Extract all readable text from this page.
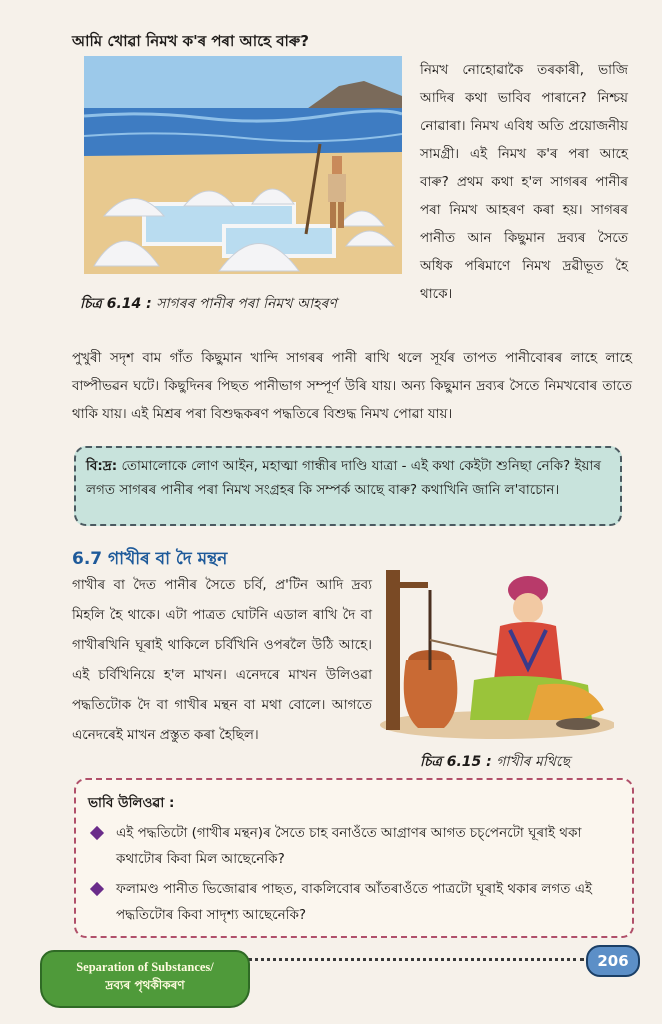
আমি খোৱা নিমখ ক'ৰ পৰা আহে বাৰু?
চিত্ৰ 6.14 : সাগৰৰ পানীৰ পৰা নিমখ আহৰণ
নিমখ নোহোৱাকৈ তৰকাৰী, ভাজি আদিৰ কথা ভাবিব পাৰানে? নিশ্চয় নোৱাৰা। নিমখ এবিধ অতি প্ৰয়োজনীয় সামগ্ৰী। এই নিমখ ক'ৰ পৰা আহে বাৰু? প্ৰথম কথা হ'ল সাগৰৰ পানীৰ পৰা নিমখ আহৰণ কৰা হয়। সাগৰৰ পানীত আন কিছুমান দ্ৰব্যৰ সৈতে অধিক পৰিমাণে নিমখ দ্ৰৱীভূত হৈ থাকে।
পুখুৰী সদৃশ বাম গাঁত কিছুমান খান্দি সাগৰৰ পানী ৰাখি থলে সূৰ্যৰ তাপত পানীবোৰৰ লাহে লাহে বাষ্পীভৱন ঘটে। কিছুদিনৰ পিছত পানীভাগ সম্পূৰ্ণ উৰি যায়। অন্য কিছুমান দ্ৰব্যৰ সৈতে নিমখবোৰ তাতে থাকি যায়। এই মিশ্ৰৰ পৰা বিশুদ্ধকৰণ পদ্ধতিৰে বিশুদ্ধ নিমখ পোৱা যায়।
বি:দ্ৰ: তোমালোকে লোণ আইন, মহাত্মা গান্ধীৰ দাণ্ডি যাত্ৰা - এই কথা কেইটা শুনিছা নেকি? ইয়াৰ লগত সাগৰৰ পানীৰ পৰা নিমখ সংগ্ৰহৰ কি সম্পৰ্ক আছে বাৰু? কথাখিনি জানি ল'বাচোন।
6.7 গাখীৰ বা দৈ মন্থন
গাখীৰ বা দৈত পানীৰ সৈতে চৰ্বি, প্ৰ'টিন আদি দ্ৰব্য মিহলি হৈ থাকে। এটা পাত্ৰত ঘোটনি এডাল ৰাখি দৈ বা গাখীৰখিনি ঘূৰাই থাকিলে চৰ্বিখিনি ওপৰলৈ উঠি আহে। এই চৰ্বিখিনিয়ে হ'ল মাখন। এনেদৰে মাখন উলিওৱা পদ্ধতিটোক দৈ বা গাখীৰ মন্থন বা মথা বোলে। আগতে এনেদৰেই মাখন প্ৰস্তুত কৰা হৈছিল।
চিত্ৰ 6.15 : গাখীৰ মথিছে
ভাবি উলিওৱা :
এই পদ্ধতিটো (গাখীৰ মন্থন)ৰ সৈতে চাহ বনাওঁতে আগ্ৰাণৰ আগত চচ্‌পেনটো ঘূৰাই থকা কথাটোৰ কিবা মিল আছেনেকি?
ফলামণ্ড পানীত ভিজোৱাৰ পাছত, বাকলিবোৰ আঁতৰাওঁতে পাত্ৰটো ঘূৰাই থকাৰ লগত এই পদ্ধতিটোৰ কিবা সাদৃশ্য আছেনেকি?
Separation of Substances/
দ্ৰব্যৰ পৃথকীকৰণ
206
